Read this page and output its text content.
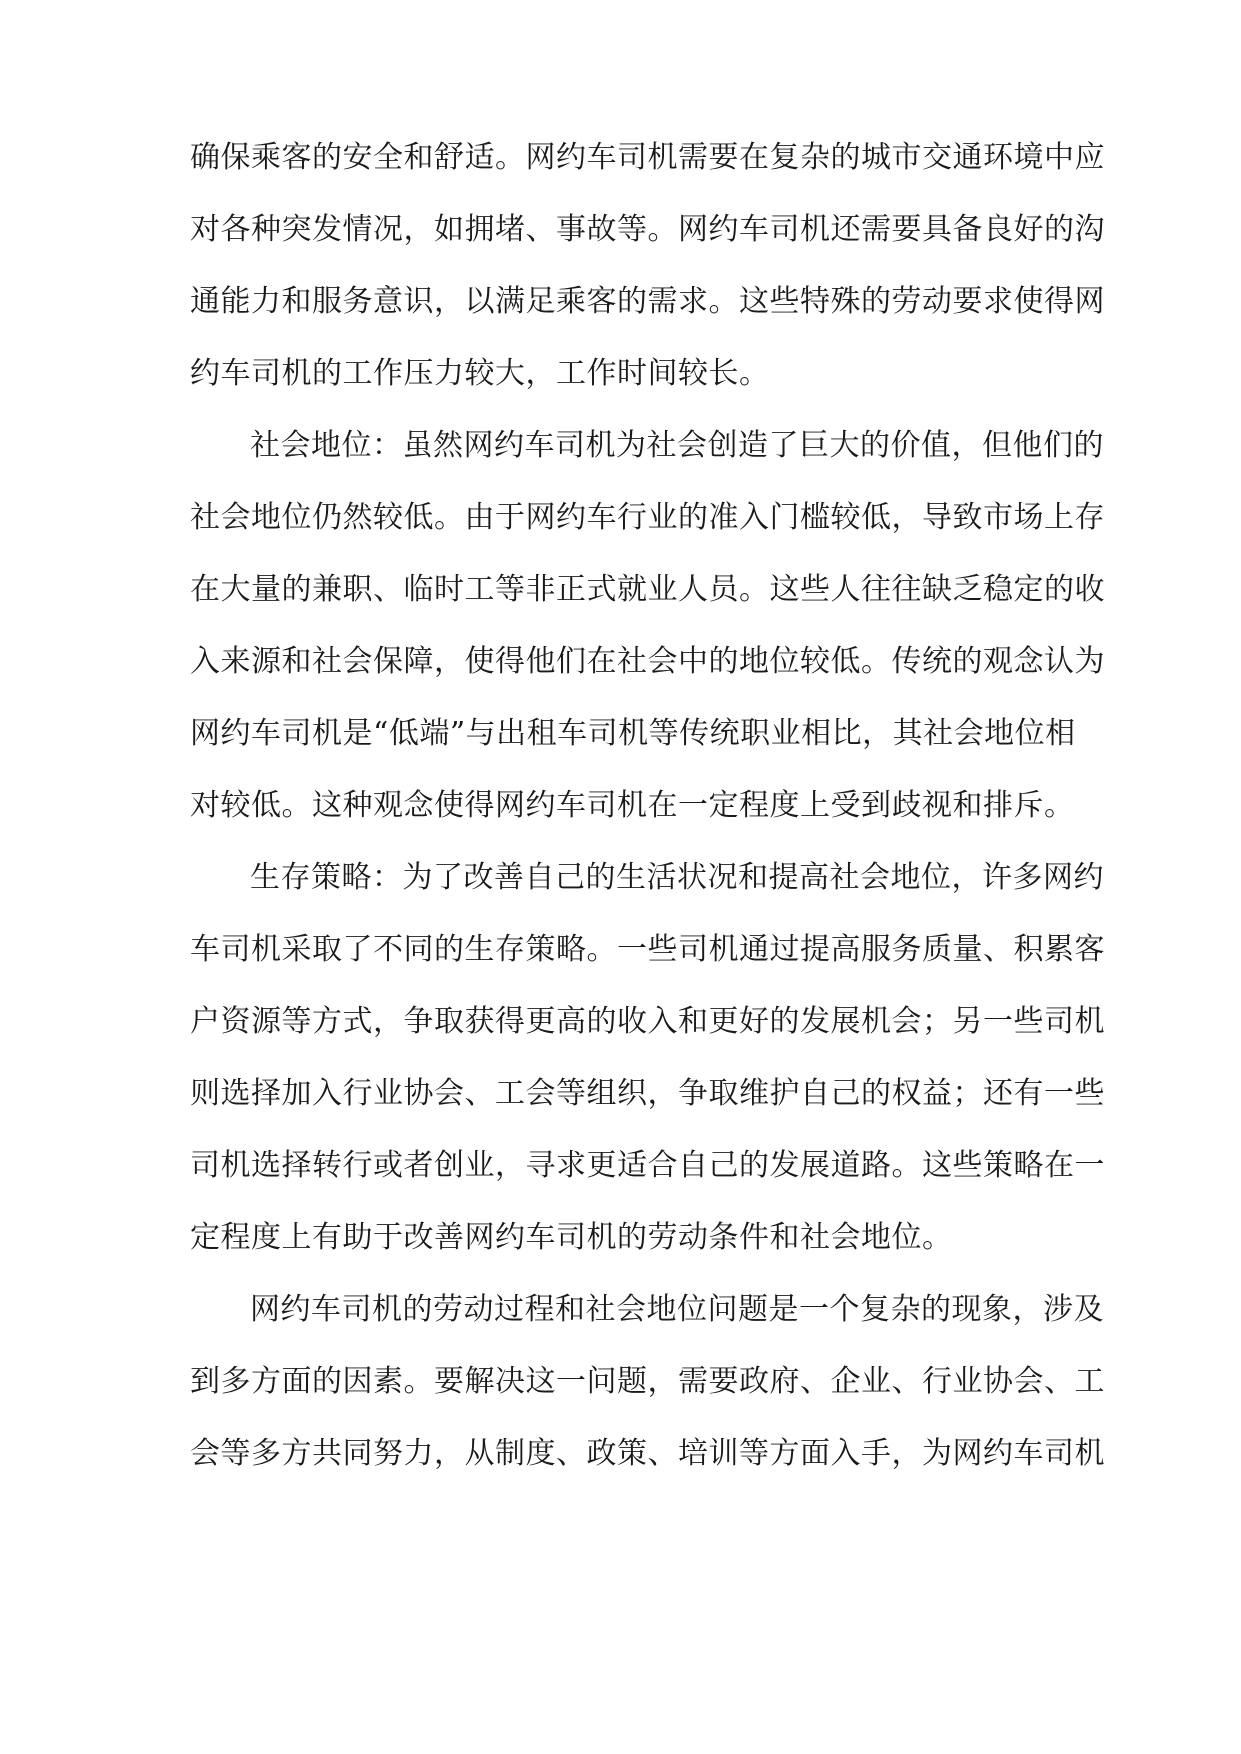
确保乘客的安全和舒适。网约车司机需要在复杂的城市交通环境中应
对各种突发情况，如拥堵、事故等。网约车司机还需要具备良好的沟
通能力和服务意识，以满足乘客的需求。这些特殊的劳动要求使得网
约车司机的工作压力较大，工作时间较长。
社会地位：虽然网约车司机为社会创造了巨大的价值，但他们的
社会地位仍然较低。由于网约车行业的准入门槛较低，导致市场上存
在大量的兼职、临时工等非正式就业人员。这些人往往缺乏稳定的收
入来源和社会保障，使得他们在社会中的地位较低。传统的观念认为
网约车司机是“低端”与出租车司机等传统职业相比，其社会地位相
对较低。这种观念使得网约车司机在一定程度上受到歧视和排斥。
生存策略：为了改善自己的生活状况和提高社会地位，许多网约
车司机采取了不同的生存策略。一些司机通过提高服务质量、积累客
户资源等方式，争取获得更高的收入和更好的发展机会；另一些司机
则选择加入行业协会、工会等组织，争取维护自己的权益；还有一些
司机选择转行或者创业，寻求更适合自己的发展道路。这些策略在一
定程度上有助于改善网约车司机的劳动条件和社会地位。
网约车司机的劳动过程和社会地位问题是一个复杂的现象，涉及
到多方面的因素。要解决这一问题，需要政府、企业、行业协会、工
会等多方共同努力，从制度、政策、培训等方面入手，为网约车司机
